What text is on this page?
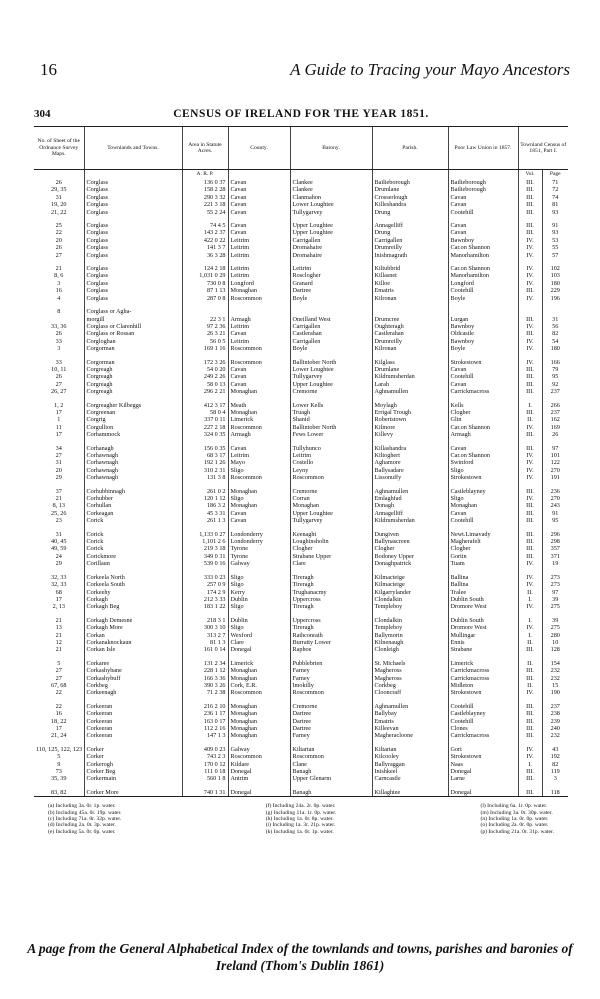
16	A Guide to Tracing your Mayo Ancestors
304	CENSUS OF IRELAND FOR THE YEAR 1851.
No. of Sheet of the Ordnance Survey Maps.	Townlands and Towns.	Area in Statute Acres.	County.	Barony.	Parish.	Poor Law Union in 1857.	Townland Census of 1851, Part I.	
		A. R. P.					Vol.	Page
26	Corglass	136 0 37	Cavan	Clankee	Bailieborough	Bailieborough	III.	71
29, 35	Corglass	158 2 28	Cavan	Clankee	Drumlane	Bailieborough	III.	72
31	Corglass	290 3 32	Cavan	Clanmahon	Crosserlough	Cavan	III.	74
19, 20	Corglass	221 3 18	Cavan	Lower Loughtee	Killeshandra	Cavan	III.	81
21, 22	Corglass	55 2 24	Cavan	Tullygarvey	Drung	Cootehill	III.	93

25	Corglass	74 4 5	Cavan	Upper Loughtee	Annagelliff	Cavan	III.	91
22	Corglass	143 2 37	Cavan	Upper Loughtee	Drung	Cavan	III.	93
20	Corglass	422 0 22	Leitrim	Carrigallen	Carrigallen	Bawnboy	IV.	53
26	Corglass	141 3 7	Leitrim	Dromahaire	Drumreilly	Car.on Shannon	IV.	55
27	Corglass	36 3 28	Leitrim	Dromahaire	Inishmagrath	Manorhamilton	IV.	57

21	Corglass	124 2 18	Leitrim	Leitrim	Kiltubbrid	Car.on Shannon	IV.	102
8, 6	Corglass	1,031 0 29	Leitrim	Rosclogher	Killasnet	Manorhamilton	IV.	103
3	Corglass	730 0 8	Longford	Granard	Killoe	Longford	IV.	180
16	Corglass	87 1 13	Monaghan	Dartree	Ematris	Cootehill	III.	229
4	Corglass	287 0 8	Roscommon	Boyle	Kilronan	Boyle	IV.	196

8	Corglass or Agha-							
	morgill	22 3 1	Armagh	Oneilland West	Drumcree	Lurgan	III.	31
33, 36	Corglass or Clarenhill	97 2 36	Leitrim	Carrigallen	Oughteragh	Bawnboy	IV.	56
26	Corglass or Rossan	26 3 21	Cavan	Castlerahan	Castlerahan	Oldcastle	III.	82
33	Corgloghan	56 0 5	Leitrim	Carrigallen	Drumreilly	Bawnboy	IV.	54
3	Corgorman	169 1 16	Roscommon	Boyle	Kilronan	Boyle	IV.	180

33	Corgorman	172 3 26	Roscommon	Ballintober North	Kilglass	Strokestown	IV.	166
10, 11	Corgreagh	54 0 20	Cavan	Lower Loughtee	Drumlane	Cavan	III.	79
26	Corgreagh	249 2 26	Cavan	Tullygarvey	Kildrumsherdan	Cootehill	III.	95
27	Corgreagh	58 0 13	Cavan	Upper Loughtee	Larah	Cavan	III.	92
26, 27	Corgreagh	296 2 21	Monaghan	Cremorne	Aghnamullen	Carrickmacross	III.	237

1, 2	Corgreagher Kilbeggs	412 3 17	Meath	Lower Kells	Moylagh	Kells	I.	266
17	Corgreenan	58 0 4	Monaghan	Truagh	Errigal Trough	Clogher	III.	237
1	Corgrig	337 0 11	Limerick	Shanid	Robertstown	Glin	II.	162
11	Corgullion	227 2 18	Roscommon	Ballintober North	Kilmore	Car.on Shannon	IV.	169
17	Corhammock	324 0 35	Armagh	Fews Lower	Killevy	Armagh	III.	26

34	Corhanagh	156 0 35	Cavan	Tullyhunco	Killashandra	Cavan	III.	97
27	Corhawnagh	68 3 17	Leitrim	Leitrim	Kiltoghert	Car.on Shannon	IV.	101
31	Corhawnagh	192 1 26	Mayo	Costello	Aghamore	Swinford	IV.	122
20	Corhawnagh	310 2 31	Sligo	Leyny	Ballysadare	Sligo	IV.	270
29	Corhawnagh	131 3 8	Roscommon	Roscommon	Lissonuffy	Strokestown	IV.	191

37	Corhubbinnagh	261 0 2	Monaghan	Cremorne	Aghnamullen	Castleblayney	III.	236
21	Corhubber	120 1 12	Sligo	Corran	Emlaghfad	Sligo	IV.	270
8, 13	Corhullan	186 3 2	Monaghan	Monaghan	Donagh	Monaghan	III.	243
25, 26	Corkeagan	45 3 31	Cavan	Upper Loughtee	Annagelliff	Cavan	III.	91
23	Corick	261 1 3	Cavan	Tullygarvey	Kildrumsherdan	Cootehill	III.	95

31	Corick	1,133 0 27	Londonderry	Keenaght	Dungiven	Newt.Limavady	III.	296
40, 45	Corick	1,101 2 6	Londonderry	Loughinsholin	Ballynascreen	Magherafelt	III.	298
49, 59	Corick	219 3 18	Tyrone	Clogher	Clogher	Clogher	III.	357
24	Corickmore	349 0 31	Tyrone	Strabane Upper	Bodoney Upper	Gortin	III.	371
29	Corillaun	539 0 16	Galway	Clare	Donaghpatrick	Tuam	IV.	19

32, 33	Corkeela North	333 0 23	Sligo	Tireragh	Kilmacteige	Ballina	IV.	273
32, 33	Corkeela South	257 0 9	Sligo	Tireragh	Kilmacteige	Ballina	IV.	273
68	Corkeehy	174 2 9	Kerry	Trughanacmy	Kilgarrylander	Tralee	II.	97
17	Corkagh	212 3 33	Dublin	Uppercross	Clondalkin	Dublin South	I.	39
2, 13	Corkagh Beg	183 1 22	Sligo	Tireragh	Templeboy	Dromore West	IV.	275

21	Corkagh Demesne	218 3 1	Dublin	Uppercross	Clondalkin	Dublin South	I.	39
13	Corkagh More	300 3 10	Sligo	Tireragh	Templeboy	Dromore West	IV.	275
21	Corkan	313 2 7	Wexford	Rathconrath	Ballymorin	Mullingar	I.	280
12	Corkanaknockaun	81 1 3	Clare	Burratty Lower	Kilnenaugh	Ennis	II.	10
21	Corkan Isle	161 0 14	Donegal	Raphoe	Clonleigh	Strabane	III.	128

5	Corkaree	131 2 34	Limerick	Pubblebrien	St. Michaels	Limerick	II.	154
27	Corkashybane	228 1 12	Monaghan	Farney	Magheross	Carrickmacross	III.	232
27	Corkashybuff	166 3 36	Monaghan	Farney	Magheross	Carrickmacross	III.	232
67, 68	Corkbeg	390 3 26	Cork, E.R.	Imokilly	Corkbeg	Midleton	II.	15
22	Corkeenagh	71 2 38	Roscommon	Roscommon	Clooncraff	Strokestown	IV.	190

22	Corkeeran	216 2 10	Monaghan	Cremorne	Aghnamullen	Cootehill	III.	237
16	Corkeeran	236 1 17	Monaghan	Dartree	Ballybay	Castleblayney	III.	238
18, 22	Corkeeran	163 0 17	Monaghan	Dartree	Ematris	Cootehill	III.	239
17	Corkeeran	112 2 16	Monaghan	Dartree	Killeevan	Clones	III.	240
21, 24	Corkeeran	147 1 3	Monaghan	Farney	Magheracloone	Carrickmacross	III.	232

110, 125, 122, 123	Corker	409 0 23	Galway	Kiltartan	Kiltartan	Gort	IV.	43
5	Corker	743 2 3	Roscommon	Roscommon	Kilcooley	Strokestown	IV.	192
9	Corkerogh	170 0 12	Kildare	Clane	Ballyraggan	Naas	I.	82
73	Corker Beg	111 0 18	Donegal	Banagh	Inishkeel	Donegal	III.	119
35, 39	Corkermain	560 1 8	Antrim	Upper Glenarm	Carncastle	Larne	III.	3

83, 82	Corker More	740 1 31	Donegal	Banagh	Killaghtee	Donegal	III.	118
(a) Including 3a. 0r. 1p. water.
(b) Including 45a. 0r. 19p. water.
(c) Including 71a. 0r. 32p. water.
(d) Including 2a. 0r. 3p. water.
(e) Including 5a. 0r. 0p. water.
(f) Including 24a. 2r. 0p. water.
(g) Including 11a. 1r. 0p. water.
(h) Including 1a. 0r. 8p. water.
(i) Including 1a. 3r. 21p. water.
(k) Including 1a. 0r. 1p. water.
(l) Including 6a. 1r. 0p. water.
(m) Including 3a. 0r. 30p. water.
(n) Including 1a. 0r. 0p. water.
(o) Including 2a. 0r. 0p. water.
(p) Including 21a. 0r. 31p. water.
A page from the General Alphabetical Index of the townlands and towns, parishes and baronies of Ireland (Thom's Dublin 1861)
